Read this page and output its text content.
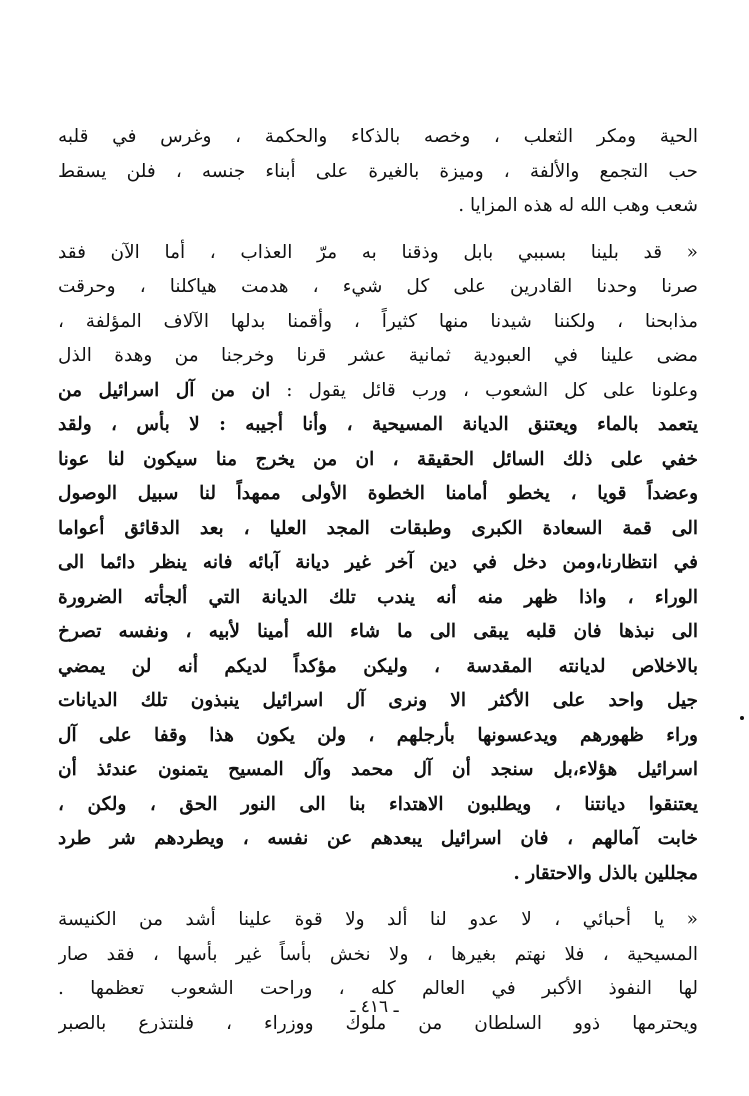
الحية ومكر الثعلب ، وخصه بالذكاء والحكمة ، وغرس في قلبه
حب التجمع والألفة ، وميزة بالغيرة على أبناء جنسه ، فلن يسقط
شعب وهب الله له هذه المزايا .

« قد بلينا بسببي بابل وذقنا به مرّ العذاب ، أما الآن فقد
صرنا وحدنا القادرين على كل شيء ، هدمت هياكلنا ، وحرقت
مذابحنا ، ولكننا شيدنا منها كثيراً ، وأقمنا بدلها الآلاف المؤلفة ،
مضى علينا في العبودية ثمانية عشر قرنا وخرجنا من وهدة الذل
وعلونا على كل الشعوب ، ورب قائل يقول : ان من آل اسرائيل من
يتعمد بالماء ويعتنق الديانة المسيحية ، وأنا أجيبه : لا بأس ، ولقد
خفي على ذلك السائل الحقيقة ، ان من يخرج منا سيكون لنا عونا
وعضداً قويا ، يخطو أمامنا الخطوة الأولى ممهداً لنا سبيل الوصول
الى قمة السعادة الكبرى وطبقات المجد العليا ، بعد الدقائق أعواما
في انتظارنا،ومن دخل في دين آخر غير ديانة آبائه فانه ينظر دائما الى
الوراء ، واذا ظهر منه أنه يندب تلك الديانة التي ألجأته الضرورة
الى نبذها فان قلبه يبقى الى ما شاء الله أمينا لأبيه ، ونفسه تصرخ
بالاخلاص لديانته المقدسة ، وليكن مؤكداً لديكم أنه لن يمضي
جيل واحد على الأكثر الا ونرى آل اسرائيل ينبذون تلك الديانات
وراء ظهورهم ويدعسونها بأرجلهم ، ولن يكون هذا وقفا على آل
اسرائيل هؤلاء،بل سنجد أن آل محمد وآل المسيح يتمنون عندئذ أن
يعتنقوا ديانتنا ، ويطلبون الاهتداء بنا الى النور الحق ، ولكن ،
خابت آمالهم ، فان اسرائيل يبعدهم عن نفسه ، ويطردهم شر طرد
مجللين بالذل والاحتقار .

« يا أحبائي ، لا عدو لنا ألد ولا قوة علينا أشد من الكنيسة
المسيحية ، فلا نهتم بغيرها ، ولا نخش بأساً غير بأسها ، فقد صار
لها النفوذ الأكبر في العالم كله ، وراحت الشعوب تعظمها .
ويحترمها ذوو السلطان من ملوك ووزراء ، فلنتذرع بالصبر

ـ ٤١٦ ـ
